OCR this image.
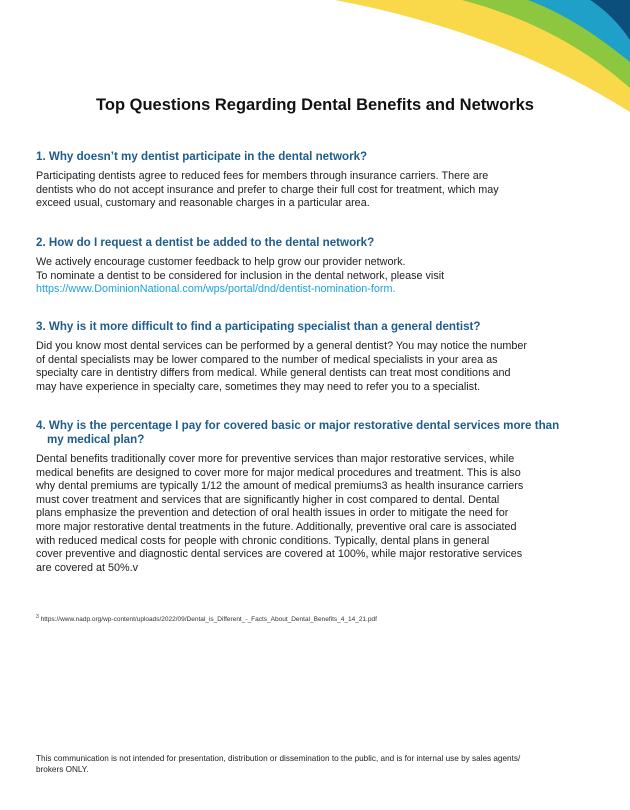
Top Questions Regarding Dental Benefits and Networks

1. Why doesn’t my dentist participate in the dental network?

Participating dentists agree to reduced fees for members through insurance carriers. There are
dentists who do not accept insurance and prefer to charge their full cost for treatment, which may
exceed usual, customary and reasonable charges in a particular area.

2. How do I request a dentist be added to the dental network?

We actively encourage customer feedback to help grow our provider network.
To nominate a dentist to be considered for inclusion in the dental network, please visit
https://www.DominionNational.com/wps/portal/dnd/dentist-nomination-form.

3. Why is it more difficult to find a participating specialist than a general dentist?

Did you know most dental services can be performed by a general dentist? You may notice the number
of dental specialists may be lower compared to the number of medical specialists in your area as
specialty care in dentistry differs from medical. While general dentists can treat most conditions and
may have experience in specialty care, sometimes they may need to refer you to a specialist.

4. Why is the percentage I pay for covered basic or major restorative dental services more than
my medical plan?

Dental benefits traditionally cover more for preventive services than major restorative services, while
medical benefits are designed to cover more for major medical procedures and treatment. This is also
why dental premiums are typically 1/12 the amount of medical premiums3 as health insurance carriers
must cover treatment and services that are significantly higher in cost compared to dental. Dental
plans emphasize the prevention and detection of oral health issues in order to mitigate the need for
more major restorative dental treatments in the future. Additionally, preventive oral care is associated
with reduced medical costs for people with chronic conditions. Typically, dental plans in general
cover preventive and diagnostic dental services are covered at 100%, while major restorative services
are covered at 50%.v

$^3$ https://www.nadp.org/wp-content/uploads/2022/09/Dental_is_Different_-_Facts_About_Dental_Benefits_4_14_21.pdf
This communication is not intended for presentation, distribution or dissemination to the public, and is for internal use by sales agents/
brokers ONLY.
